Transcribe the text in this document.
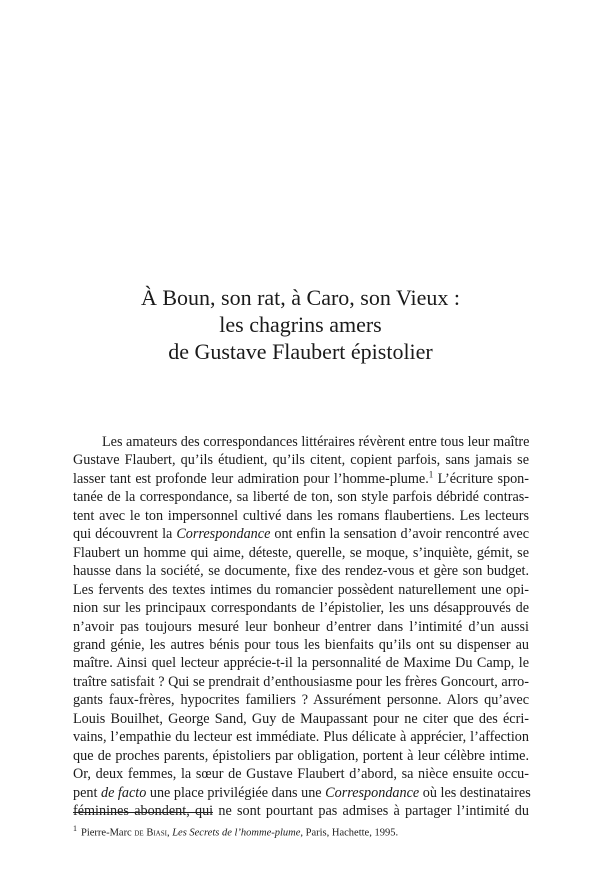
À Boun, son rat, à Caro, son Vieux :
les chagrins amers
de Gustave Flaubert épistolier
Les amateurs des correspondances littéraires révèrent entre tous leur maître
Gustave Flaubert, qu’ils étudient, qu’ils citent, copient parfois, sans jamais se
lasser tant est profonde leur admiration pour l’homme-plume.$^1$ L’écriture spon-
tanée de la correspondance, sa liberté de ton, son style parfois débridé contras-
tent avec le ton impersonnel cultivé dans les romans flaubertiens. Les lecteurs
qui découvrent la Correspondance ont enfin la sensation d’avoir rencontré avec
Flaubert un homme qui aime, déteste, querelle, se moque, s’inquiète, gémit, se
hausse dans la société, se documente, fixe des rendez-vous et gère son budget.
Les fervents des textes intimes du romancier possèdent naturellement une opi-
nion sur les principaux correspondants de l’épistolier, les uns désapprouvés de
n’avoir pas toujours mesuré leur bonheur d’entrer dans l’intimité d’un aussi
grand génie, les autres bénis pour tous les bienfaits qu’ils ont su dispenser au
maître. Ainsi quel lecteur apprécie-t-il la personnalité de Maxime Du Camp, le
traître satisfait ? Qui se prendrait d’enthousiasme pour les frères Goncourt, arro-
gants faux-frères, hypocrites familiers ? Assurément personne. Alors qu’avec
Louis Bouilhet, George Sand, Guy de Maupassant pour ne citer que des écri-
vains, l’empathie du lecteur est immédiate. Plus délicate à apprécier, l’affection
que de proches parents, épistoliers par obligation, portent à leur célèbre intime.
Or, deux femmes, la sœur de Gustave Flaubert d’abord, sa nièce ensuite occu-
pent de facto une place privilégiée dans une Correspondance où les destinataires
féminines abondent, qui ne sont pourtant pas admises à partager l’intimité du
$^1$ Pierre-Marc de Biasi, Les Secrets de l’homme-plume, Paris, Hachette, 1995.
